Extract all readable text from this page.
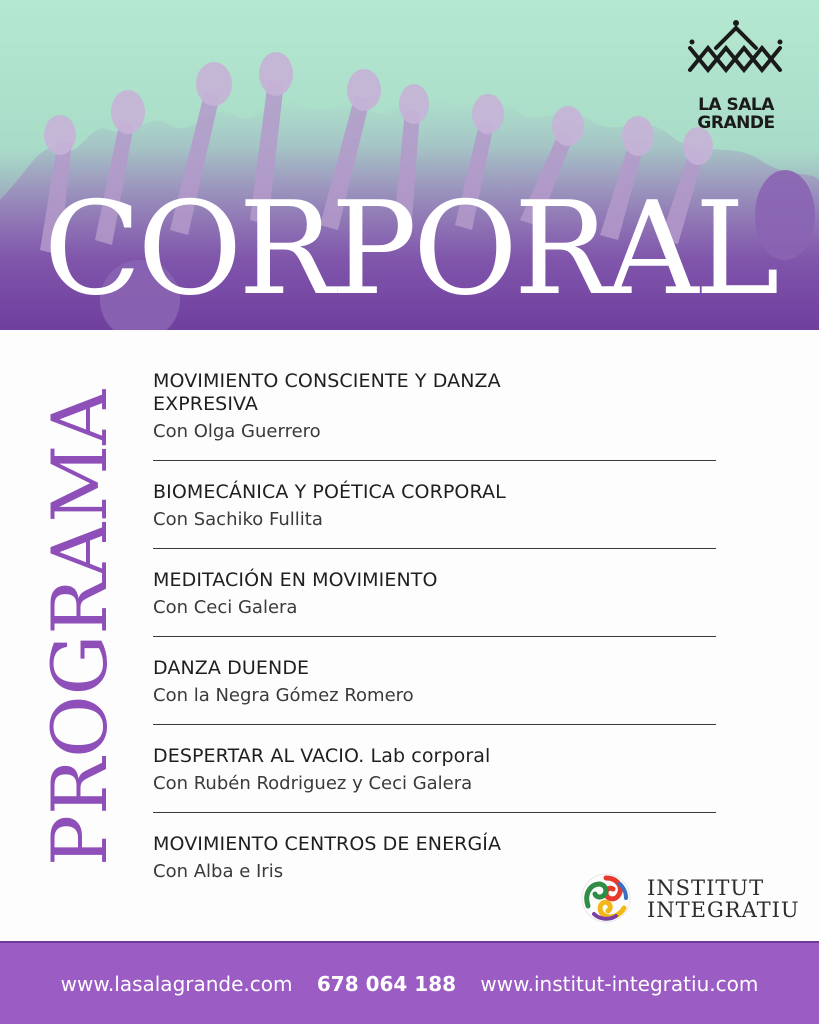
LA SALA
GRANDE
CORPORAL
PROGRAMA
MOVIMIENTO CONSCIENTE Y DANZA EXPRESIVA
Con Olga Guerrero
BIOMECÁNICA Y POÉTICA CORPORAL
Con Sachiko Fullita
MEDITACIÓN EN MOVIMIENTO
Con Ceci Galera
DANZA DUENDE
Con la Negra Gómez Romero
DESPERTAR AL VACIO. Lab corporal
Con Rubén Rodriguez y Ceci Galera
MOVIMIENTO CENTROS DE ENERGÍA
Con Alba e Iris
INSTITUT
INTEGRATIU
www.lasalagrande.com 678 064 188 www.institut-integratiu.com
